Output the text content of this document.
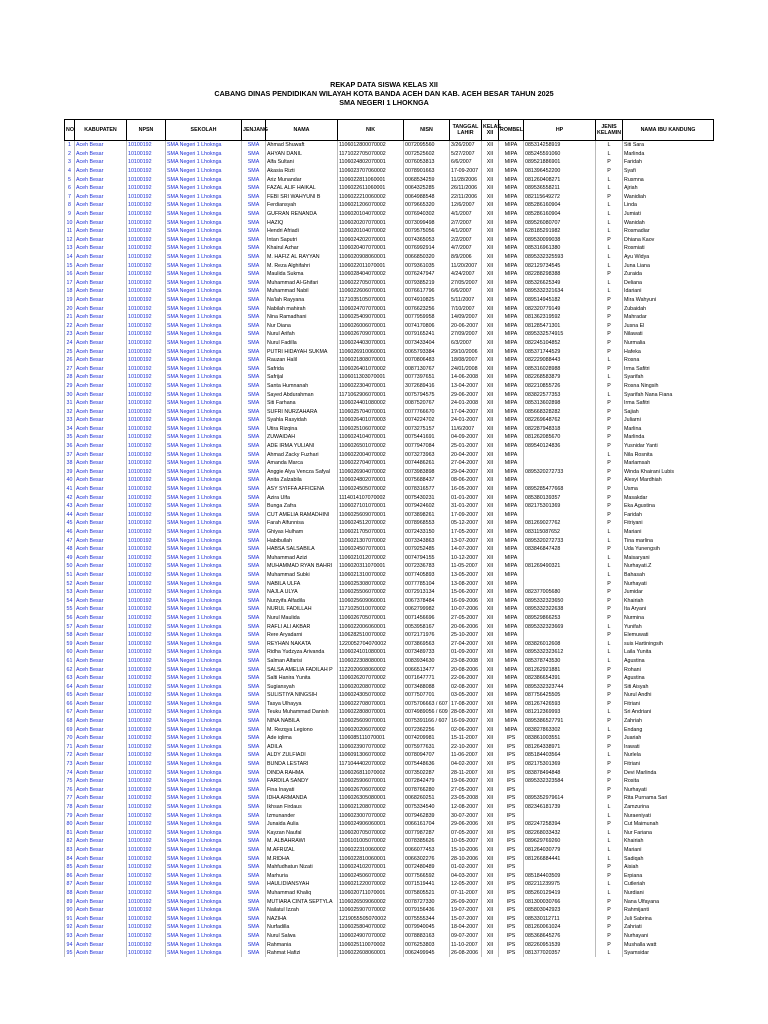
REKAP DATA SISWA KELAS XII
CABANG DINAS PENDIDIKAN WILAYAH KOTA BANDA ACEH DAN KAB. ACEH BESAR TAHUN 2025
SMA NEGERI 1 LHOKNGA
NO	KABUPATEN	NPSN	SEKOLAH	JENJANG	NAMA	NIK	NISN	TANGGAL LAHIR	KELAS XII	ROMBEL	HP	JENIS KELAMIN	NAMA IBU KANDUNG
1	Aceh Besar	10100192	SMA Negeri 1 Lhoknga	SMA	Ahmad Shuwaft	1106012800070002	0072095560	3/26/2007	XII	MIPA	085314258919	L	Siti Sara
2	Aceh Besar	10100192	SMA Negeri 1 Lhoknga	SMA	AHYAN DANIL	1171022705070002	0072525602	5/27/2007	XII	MIPA	085245591060	L	Marlinda
3	Aceh Besar	10100192	SMA Negeri 1 Lhoknga	SMA	Alfa Sultani	1106024802070001	0076053813	6/6/2007	XII	MIPA	089521886901	P	Faridah
4	Aceh Besar	10100192	SMA Negeri 1 Lhoknga	SMA	Akasia Rizti	1106023707060002	0078901663	17-09-2007	XII	MIPA	081396452200	P	Syafi
5	Aceh Besar	10100192	SMA Negeri 1 Lhoknga	SMA	Ariz Munandar	1106022811060001	0068534259	11/28/2006	XII	MIPA	081260408271	L	Rusmna
6	Aceh Besar	10100192	SMA Negeri 1 Lhoknga	SMA	FAZAL ALIF HAIKAL	1106022611060001	0064325285	26/11/2006	XII	MIPA	089536558211	L	Ajriah
7	Aceh Besar	10100192	SMA Negeri 1 Lhoknga	SMA	FEBI SRI WAHYUNI B	1106022210060002	0064988548	22/11/2006	XII	MIPA	082115649272	P	Wanidiah
8	Aceh Besar	10100192	SMA Negeri 1 Lhoknga	SMA	Ferdiansyah	1106021206070002	0079665320	12/6/2007	XII	MIPA	085286160904	L	Linda
9	Aceh Besar	10100192	SMA Negeri 1 Lhoknga	SMA	GUFRAN RENANDA	1106020104070002	0076940302	4/1/2007	XII	MIPA	085286160904	L	Jumiati
10	Aceh Besar	10100192	SMA Negeri 1 Lhoknga	SMA	HAZIQ	1106020207070001	0073099498	2/7/2007	XII	MIPA	089526080707	L	Wanidah
11	Aceh Besar	10100192	SMA Negeri 1 Lhoknga	SMA	Hendri Afriadi	1106020104070002	0079575056	4/1/2007	XII	MIPA	628185291982	L	Rosmadiar
12	Aceh Besar	10100192	SMA Negeri 1 Lhoknga	SMA	Intan Saputri	1106024202070001	0074365053	2/2/2007	XII	MIPA	089530099038	P	Dhiana Kaov
13	Aceh Besar	10100192	SMA Negeri 1 Lhoknga	SMA	Khairul Azhar	1106020407070001	0076992914	4/7/2007	XII	MIPA	085316961380	L	Rosmiati
14	Aceh Besar	10100192	SMA Negeri 1 Lhoknga	SMA	M. HAFIZ AL RAYYAN	1106020908060001	0066850320	8/9/2006	XII	MIPA	0895332325593	L	Ayu Widya
15	Aceh Besar	10100192	SMA Negeri 1 Lhoknga	SMA	M. Reza Alghifahri	1106022011070001	0079361035	11/20/2007	XII	MIPA	082129734545	L	Juna Liana
16	Aceh Besar	10100192	SMA Negeri 1 Lhoknga	SMA	Maulida Sukma	1106028404070002	0076247947	4/24/2007	XII	MIPA	082288298388	P	Zuraida
17	Aceh Besar	10100192	SMA Negeri 1 Lhoknga	SMA	Muhammad Al-Ghifari	1106022705070001	0079385219	27/05/2007	XII	MIPA	085326625349	L	Deliana
18	Aceh Besar	10100192	SMA Negeri 1 Lhoknga	SMA	Muhammad Nabil	1106022606070001	0076617796	6/6/2007	XII	MIPA	0895332321634	L	Idariani
19	Aceh Besar	10100192	SMA Negeri 1 Lhoknga	SMA	Na'lah Rayyana	1171035105070001	0074910825	5/11/2007	XII	MIPA	089514945182	P	Mira Wahyuni
20	Aceh Besar	10100192	SMA Negeri 1 Lhoknga	SMA	Nabilah mahirah	1106024707070001	0076623256	7/10/2007	XII	MIPA	082320779149	P	Zubaidah
21	Aceh Besar	10100192	SMA Negeri 1 Lhoknga	SMA	Nina Ramadhani	1106025409070001	0077959958	14/09/2007	XII	MIPA	081362319592	P	Mahradar
22	Aceh Besar	10100192	SMA Negeri 1 Lhoknga	SMA	Nur Diana	1106026006070001	0074170806	20-06-2007	XII	MIPA	081285471301	P	Jusna El
23	Aceh Besar	10100192	SMA Negeri 1 Lhoknga	SMA	Nurul Arifah	1106026709070001	0079165241	27/09/2007	XII	MIPA	0895332574915	P	Nilawati
24	Aceh Besar	10100192	SMA Negeri 1 Lhoknga	SMA	Nurul Fadilla	1106024403070001	0073433404	6/3/2007	XII	MIPA	082245104852	P	Nurmalia
25	Aceh Besar	10100192	SMA Negeri 1 Lhoknga	SMA	PUTRI HIDAYAH SUKMA	1106026910060001	0065793384	29/10/2006	XII	MIPA	085371744529	P	Hafeka
26	Aceh Besar	10100192	SMA Negeri 1 Lhoknga	SMA	Rauzan Halil	1106021808070001	0070806483	18/08/2007	XII	MIPA	082229088443	L	Rosna
27	Aceh Besar	10100192	SMA Negeri 1 Lhoknga	SMA	Safrida	1106026401070002	0087130767	24/01/2008	XII	MIPA	085316028988	P	Irma Safitri
28	Aceh Besar	10100192	SMA Negeri 1 Lhoknga	SMA	Safrijal	1106011303070001	0077397651	14-06-2008	XII	MIPA	082268583879	L	Syarifah
29	Aceh Besar	10100192	SMA Negeri 1 Lhoknga	SMA	Santa Humnanah	1106022304070001	3072689416	13-04-2007	XII	MIPA	082210855726	P	Rosna Ningsih
30	Aceh Besar	10100192	SMA Negeri 1 Lhoknga	SMA	Sayed Abdurahman	1171062906070001	0075794575	29-06-2007	XII	MIPA	083822577353	L	Syarifah Nana Fiana
31	Aceh Besar	10100192	SMA Negeri 1 Lhoknga	SMA	Siti Farhana	1106024401080002	0087520767	24-01-2008	XII	MIPA	085313602898	P	Irma Safitri
32	Aceh Besar	10100192	SMA Negeri 1 Lhoknga	SMA	SUFRI NURZAHARA	1106025704070001	0077766670	17-04-2007	XII	MIPA	085668328282	P	Sajiah
33	Aceh Besar	10100192	SMA Negeri 1 Lhoknga	SMA	Syahla Rasyidah	1106026401070003	0074224702	24-01-2007	XII	MIPA	082269648762	P	Juliarni
34	Aceh Besar	10100192	SMA Negeri 1 Lhoknga	SMA	Utira Rizqina	1106025106070002	0073275157	11/6/2007	XII	MIPA	082287948318	P	Marlina
35	Aceh Besar	10100192	SMA Negeri 1 Lhoknga	SMA	ZUWAIDAH	1106024104070001	0075441691	04-09-2007	XII	MIPA	081262085670	P	Marlinda
36	Aceh Besar	10100192	SMA Negeri 1 Lhoknga	SMA	ADE IRMA YULIANI	1106026501070002	0077947084	25-01-2007	XII	MIPA	089540124836	P	Yusnidar Yanti
37	Aceh Besar	10100192	SMA Negeri 1 Lhoknga	SMA	Ahmad Zacky Fuzhari	1106022004070002	0073273963	20-04-2007	XII	MIPA		L	Nila Rosnita
38	Aceh Besar	10100192	SMA Negeri 1 Lhoknga	SMA	Amanda Marca	1106022704070001	0074486261	27-04-2007	XII	MIPA		P	Marlamsah
39	Aceh Besar	10100192	SMA Negeri 1 Lhoknga	SMA	Anggie Alya Vencza Safyal	1106026904070002	0073983898	29-04-2007	XII	MIPA	0895320272733	P	Winda Khairani Lubis
40	Aceh Besar	10100192	SMA Negeri 1 Lhoknga	SMA	Anita Zalzabila	1106024802070001	0075688437	08-06-2007	XII	MIPA		P	Alesyi Mardhiah
41	Aceh Besar	10100192	SMA Negeri 1 Lhoknga	SMA	ASY SYIFFA AFFICENA	1106024505070002	0078316577	16-05-2007	XII	MIPA	0895285477668	P	Usma
42	Aceh Besar	10100192	SMA Negeri 1 Lhoknga	SMA	Azira Ulfa	1114014107070002	0075430231	01-01-2007	XII	MIPA	085380139357	P	Masakdar
43	Aceh Besar	10100192	SMA Negeri 1 Lhoknga	SMA	Bunga Zafra	1106027101070001	0079424602	31-01-2007	XII	MIPA	082175301369	P	Eka Agustina
44	Aceh Besar	10100192	SMA Negeri 1 Lhoknga	SMA	CUT AMELIA RAMADHINI	1106025609070001	0073898261	17-09-2007	XII	MIPA		P	Faridah
45	Aceh Besar	10100192	SMA Negeri 1 Lhoknga	SMA	Farah Alfunnisa	1106024512070002	0078968553	05-12-2007	XII	MIPA	081269027762	P	Fitriyani
46	Aceh Besar	10100192	SMA Negeri 1 Lhoknga	SMA	Ghiyas Hulham	1106021705070001	0072433150	17-05-2007	XII	MIPA	083115087652	L	Mariani
47	Aceh Besar	10100192	SMA Negeri 1 Lhoknga	SMA	Habibullah	1106021307070002	0073343863	13-07-2007	XII	MIPA	0895320272733	L	Tina marlina
48	Aceh Besar	10100192	SMA Negeri 1 Lhoknga	SMA	HABSA SALSABILA	1106024507070001	0079252485	14-07-2007	XII	MIPA	083846847428	P	Uda Yunengsih
49	Aceh Besar	10100192	SMA Negeri 1 Lhoknga	SMA	Muhammad Azizi	1106021012070002	0074794155	10-12-2007	XII	MIPA		L	Maisaryani
50	Aceh Besar	10100192	SMA Negeri 1 Lhoknga	SMA	MUHAMMAD RYAN BAHRI	1106020311070001	0072336783	11-05-2007	XII	MIPA	081269490321	L	Nurhayati.Z
51	Aceh Besar	10100192	SMA Negeri 1 Lhoknga	SMA	Muhammad Subki	1106021310070002	0077405893	13-05-2007	XII	MIPA		L	Bahasah
52	Aceh Besar	10100192	SMA Negeri 1 Lhoknga	SMA	NABILA ULFA	1106025308070002	0077785104	13-08-2007	XII	MIPA		P	Nurhayati
53	Aceh Besar	10100192	SMA Negeri 1 Lhoknga	SMA	NAJLA ULYA	1106025506070002	0072913134	15-06-2007	XII	MIPA	082377005680	P	Jumidar
54	Aceh Besar	10100192	SMA Negeri 1 Lhoknga	SMA	Nurzyifa Alfadila	1106025609060001	0067378484	16-09-2006	XII	MIPA	0895332323650	P	Khairiah
55	Aceh Besar	10100192	SMA Negeri 1 Lhoknga	SMA	NURUL FADILLAH	1171025010070002	0062799982	10-07-2006	XII	MIPA	0895332322638	P	Ita Aryani
56	Aceh Besar	10100192	SMA Negeri 1 Lhoknga	SMA	Nurul Maulida	1106026705070001	0071456696	27-05-2007	XII	MIPA	089529866253	P	Nurmina
57	Aceh Besar	10100192	SMA Negeri 1 Lhoknga	SMA	RAFLI ALI AKBAR	1106022006060001	0053958167	20-06-2006	XII	MIPA	0895332323669	L	Yunifah
58	Aceh Besar	10100192	SMA Negeri 1 Lhoknga	SMA	Rere Aryadarni	1106282510070002	0072171976	25-10-2007	XII	MIPA		P	Elemuwati
59	Aceh Besar	10100192	SMA Negeri 1 Lhoknga	SMA	REYHAN NAKATA	1220052704070002	0073869563	27-04-2007	XII	MIPA	083826012608	L	suis Hartiningsih
60	Aceh Besar	10100192	SMA Negeri 1 Lhoknga	SMA	Ridha Yudzyza Arivanda	1106024101080001	0073489733	01-09-2007	XII	MIPA	0895332323612	L	Laila Yunita
61	Aceh Besar	10100192	SMA Negeri 1 Lhoknga	SMA	Salman Alfarisi	1106022308080001	0083934630	23-08-2008	XII	MIPA	085378743530	L	Agustina
62	Aceh Besar	10100192	SMA Negeri 1 Lhoknga	SMA	SALSA AMELIA FADILAH P	1122020608060002	0066513477	20-08-2006	XII	MIPA	081262921881	P	Rohani
63	Aceh Besar	10100192	SMA Negeri 1 Lhoknga	SMA	Salti Hanira Yunita	1106026207070002	0071647771	22-06-2007	XII	MIPA	082386654391	P	Agustina
64	Aceh Besar	10100192	SMA Negeri 1 Lhoknga	SMA	Sugiansyah	1106020208070002	0073488088	02-08-2007	XII	MIPA	0895332323744	P	Siti Aisyah
65	Aceh Besar	10100192	SMA Negeri 1 Lhoknga	SMA	SULISTIYA NINGSIH	1106024305070002	0077507701	03-05-2007	XII	MIPA	087756425505	P	Nurul Andhi
66	Aceh Besar	10100192	SMA Negeri 1 Lhoknga	SMA	Tasya Ulhayya	1106022708070001	0075706663 / 607	17-08-2007	XII	MIPA	081267426593	P	Fitriani
67	Aceh Besar	10100192	SMA Negeri 1 Lhoknga	SMA	Teuku Muhammad Danish	1106022808070001	0074989056 / 609	28-08-2007	XII	MIPA	081212369993	L	Sri Andriani
68	Aceh Besar	10100192	SMA Negeri 1 Lhoknga	SMA	NINA NABILA	1106025609070001	0075391166 / 607	16-09-2007	XII	MIPA	0895386527791	P	Zahriah
69	Aceh Besar	10100192	SMA Negeri 1 Lhoknga	SMA	M. Rezqya Legiono	1106020206070002	0072362256	02-06-2007	XII	MIPA	083827863302	L	Endang
70	Aceh Besar	10100192	SMA Negeri 1 Lhoknga	SMA	Ade iqlima	1106085111070001	0074209981	15-11-2007	XII	IPS	083861003551	P	Juariah
71	Aceh Besar	10100192	SMA Negeri 1 Lhoknga	SMA	ADILA	1106023907070002	0075977631	22-10-2007	XII	IPS	081264338971	P	Irawati
72	Aceh Besar	10100192	SMA Negeri 1 Lhoknga	SMA	ALDY ZULFIADI	1106091306070002	0078094707	11-06-2007	XII	IPS	085184403564	L	Nurlela
73	Aceh Besar	10100192	SMA Negeri 1 Lhoknga	SMA	BUNDA LESTARI	1171044402070002	0075448636	04-02-2007	XII	IPS	082175301369	P	Fitriani
74	Aceh Besar	10100192	SMA Negeri 1 Lhoknga	SMA	DINDA RAHMA	1106026811070002	0073502287	28-11-2007	XII	IPS	083878494848	P	Devi Marlinda
75	Aceh Besar	10100192	SMA Negeri 1 Lhoknga	SMA	FARDILA SANDY	1106025906070001	0072842479	19-06-2007	XII	IPS	0895332323584	P	Rosita
76	Aceh Besar	10100192	SMA Negeri 1 Lhoknga	SMA	Fina Inayati	1106026706070002	0078766280	27-05-2007	XII	IPS		P	Nurhayati
77	Aceh Besar	10100192	SMA Negeri 1 Lhoknga	SMA	IDHA ARMANDA	1106026305080001	0068260251	23-05-2008	XII	IPS	0895352979614	P	Rita Purnama Sari
78	Aceh Besar	10100192	SMA Negeri 1 Lhoknga	SMA	Ikhsan Firdaus	1106021208070002	0075334540	12-08-2007	XII	IPS	082346181739	L	Zamzurina
79	Aceh Besar	10100192	SMA Negeri 1 Lhoknga	SMA	Izmunander	1106023007070002	0079462839	30-07-2007	XII	IPS		L	Nuraeniyati
80	Aceh Besar	10100192	SMA Negeri 1 Lhoknga	SMA	Junaida Aulia	1106024906060001	0066161704	29-06-2006	XII	IPS	082247258394	P	Cut Maimunah
81	Aceh Besar	10100192	SMA Negeri 1 Lhoknga	SMA	Kayzan Naufal	1106020705070002	0077987287	07-05-2007	XII	IPS	082268033432	L	Nur Fariana
82	Aceh Besar	10100192	SMA Negeri 1 Lhoknga	SMA	M. ALBAHRAWI	1106101005070002	0078385626	10-05-2007	XII	IPS	089629769260	L	Khairiah
83	Aceh Besar	10100192	SMA Negeri 1 Lhoknga	SMA	M.AFRIZAL	1106022310060002	0066077453	15-10-2006	XII	IPS	081264030779	L	Mariani
84	Aceh Besar	10100192	SMA Negeri 1 Lhoknga	SMA	M.RIDHA	1106022810060001	0066302276	28-10-2006	XII	IPS	081266884441	L	Sadiqah
85	Aceh Besar	10100192	SMA Negeri 1 Lhoknga	SMA	Mahfudhatun Nizati	1106024102070001	0072480489	01-02-2007	XII	IPS		P	Aisiah
86	Aceh Besar	10100192	SMA Negeri 1 Lhoknga	SMA	Marhuria	1106024506070002	0077566592	04-03-2007	XII	IPS	085184403509	P	Erpiana
87	Aceh Besar	10100192	SMA Negeri 1 Lhoknga	SMA	HAULIDIANSYAH	1106021220070002	0071519441	12-05-2007	XII	IPS	082211239975	L	Cutleriah
88	Aceh Besar	10100192	SMA Negeri 1 Lhoknga	SMA	Muhammad Khaliq	1106020711070001	0075805521	07-11-2007	XII	IPS	085260129419	L	Nurdiani
89	Aceh Besar	10100192	SMA Negeri 1 Lhoknga	SMA	MUTIARA CINTA SEPTYLA	1106026509060002	0078727330	26-09-2007	XII	IPS	081300030766	P	Nana Ulfayana
90	Aceh Besar	10100192	SMA Negeri 1 Lhoknga	SMA	Nailatul Izzah	1106025907070002	0079156436	19-07-2007	XII	IPS	085803042923	P	Rahmijanti
91	Aceh Besar	10100192	SMA Negeri 1 Lhoknga	SMA	NAZIHA	1219055505070002	0075555344	15-07-2007	XII	IPS	085330112711	P	Juli Sabrina
92	Aceh Besar	10100192	SMA Negeri 1 Lhoknga	SMA	Nurfadilla	1106025804070002	0079940045	18-04-2007	XII	IPS	081260061024	P	Zahriati
93	Aceh Besar	10100192	SMA Negeri 1 Lhoknga	SMA	Nurul Salwa	1106024907070002	0078883163	09-07-2007	XII	IPS	085368645276	P	Nurhayani
94	Aceh Besar	10100192	SMA Negeri 1 Lhoknga	SMA	Rahmania	1106025110070002	0076253803	11-10-2007	XII	IPS	082260951539	P	Mushalla watt
95	Aceh Besar	10100192	SMA Negeri 1 Lhoknga	SMA	Rahmat Hafizi	1106022608060001	0062499945	26-08-2006	XII	IPS	081377020357	L	Syamsidar
